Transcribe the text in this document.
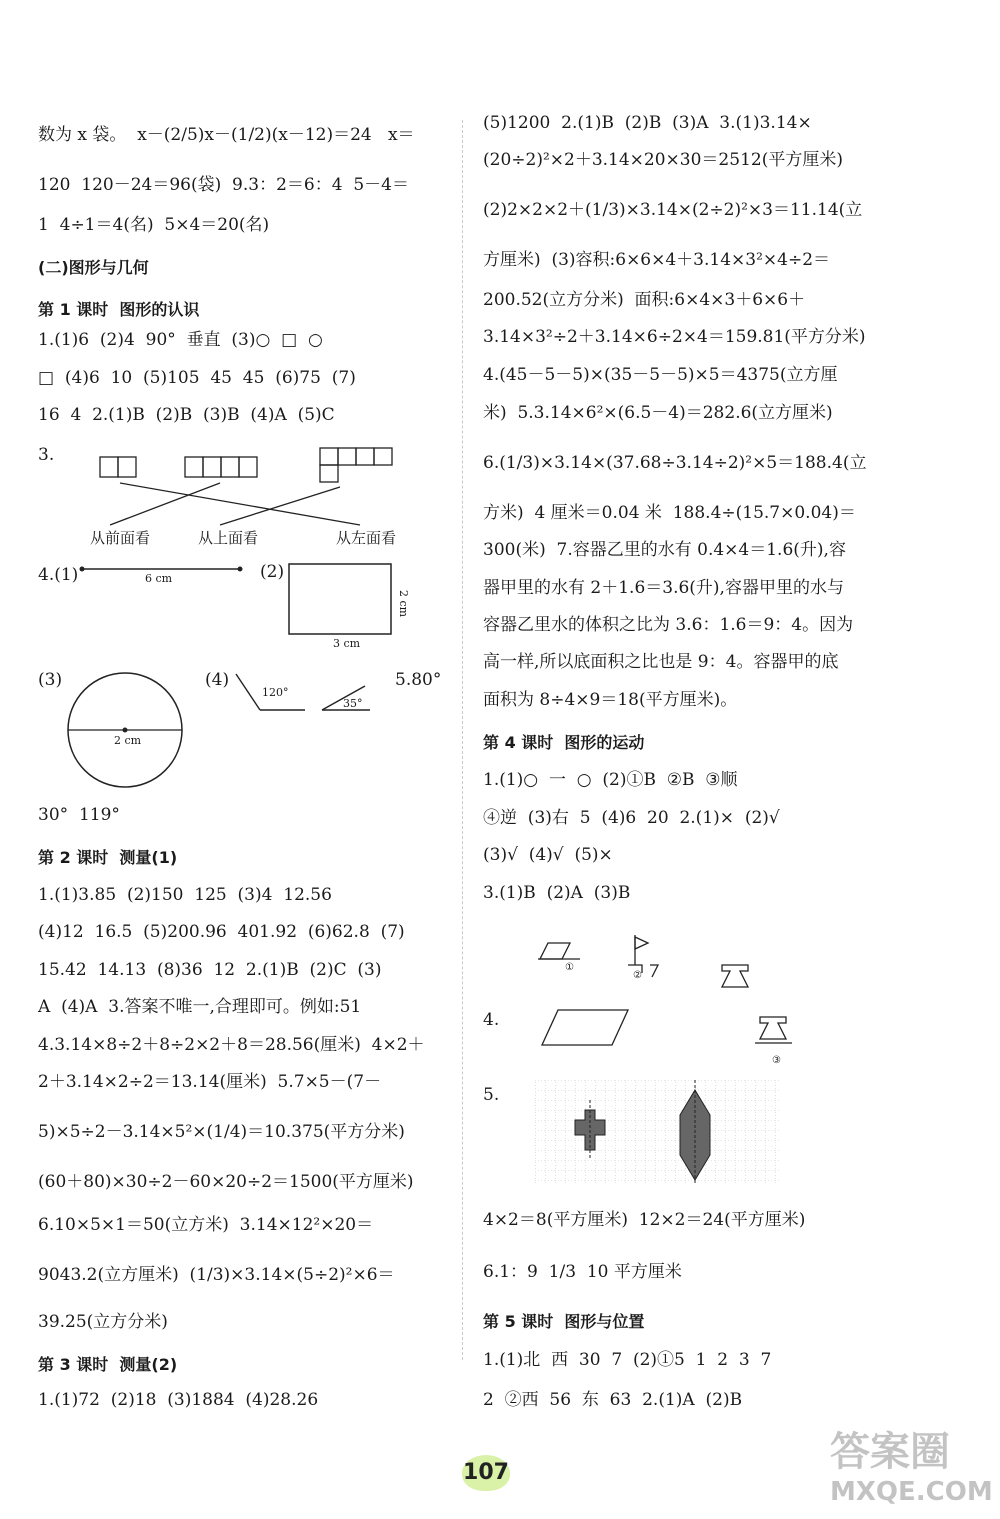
数为 x 袋。  x－(2/5)x－(1/2)(x－12)＝24   x＝
120  120－24＝96(袋)  9.3：2＝6：4  5－4＝
1  4÷1＝4(名)  5×4＝20(名)
(二)图形与几何
第 1 课时  图形的认识
1.(1)6  (2)4  90°  垂直  (3)○  □  ○
□  (4)6  10  (5)105  45  45  (6)75  (7)
16  4  2.(1)B  (2)B  (3)B  (4)A  (5)C
3.
4.(1)
(3)
30°  119°
第 2 课时  测量(1)
1.(1)3.85  (2)150  125  (3)4  12.56
(4)12  16.5  (5)200.96  401.92  (6)62.8  (7)
15.42  14.13  (8)36  12  2.(1)B  (2)C  (3)
A  (4)A  3.答案不唯一,合理即可。例如:51
4.3.14×8÷2＋8÷2×2＋8＝28.56(厘米)  4×2＋
2＋3.14×2÷2＝13.14(厘米)  5.7×5－(7－
5)×5÷2－3.14×5²×(1/4)＝10.375(平方分米)
(60＋80)×30÷2－60×20÷2＝1500(平方厘米)
6.10×5×1＝50(立方米)  3.14×12²×20＝
9043.2(立方厘米)  (1/3)×3.14×(5÷2)²×6＝
39.25(立方分米)
第 3 课时  测量(2)
1.(1)72  (2)18  (3)1884  (4)28.26
(5)1200  2.(1)B  (2)B  (3)A  3.(1)3.14×
(20÷2)²×2＋3.14×20×30＝2512(平方厘米)
(2)2×2×2＋(1/3)×3.14×(2÷2)²×3＝11.14(立
方厘米)  (3)容积:6×6×4＋3.14×3²×4÷2＝
200.52(立方分米)  面积:6×4×3＋6×6＋
3.14×3²÷2＋3.14×6÷2×4＝159.81(平方分米)
4.(45－5－5)×(35－5－5)×5＝4375(立方厘
米)  5.3.14×6²×(6.5－4)＝282.6(立方厘米)
6.(1/3)×3.14×(37.68÷3.14÷2)²×5＝188.4(立
方米)  4 厘米＝0.04 米  188.4÷(15.7×0.04)＝
300(米)  7.容器乙里的水有 0.4×4＝1.6(升),容
器甲里的水有 2＋1.6＝3.6(升),容器甲里的水与
容器乙里水的体积之比为 3.6：1.6＝9：4。因为
高一样,所以底面积之比也是 9：4。容器甲的底
面积为 8÷4×9＝18(平方厘米)。
第 4 课时  图形的运动
1.(1)○  一  ○  (2)①B  ②B  ③顺
④逆  (3)右  5  (4)6  20  2.(1)×  (2)√
(3)√  (4)√  (5)×
3.(1)B  (2)A  (3)B
4.
5.
4×2＝8(平方厘米)  12×2＝24(平方厘米)
6.1：9  1/3  10 平方厘米
第 5 课时  图形与位置
1.(1)北  西  30  7  (2)①5  1  2  3  7
2  ②西  56  东  63  2.(1)A  (2)B
从前面看	从上面看	从左面看
6 cm	(2)
3 cm
2 cm
2 cm
(4)
120°
35°
5.80°
①
②
③
107	答案圈
MXQE.COM
